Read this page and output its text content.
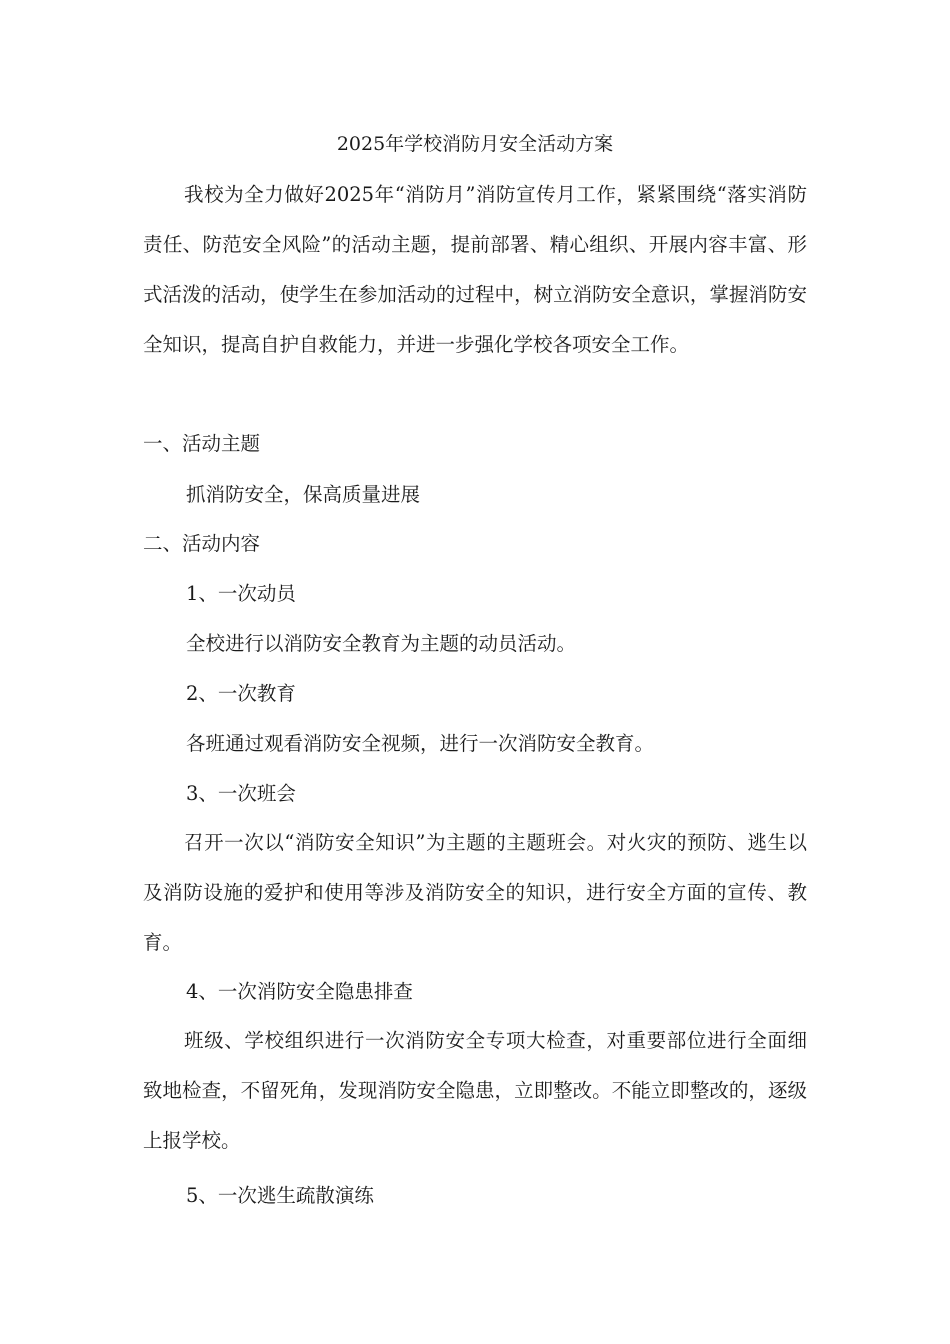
2025年学校消防月安全活动方案

我校为全力做好2025年“消防月”消防宣传月工作，紧紧围绕“落实消防责任、防范安全风险”的活动主题，提前部署、精心组织、开展内容丰富、形式活泼的活动，使学生在参加活动的过程中，树立消防安全意识，掌握消防安全知识，提高自护自救能力，并进一步强化学校各项安全工作。

一、活动主题

抓消防安全，保高质量进展

二、活动内容

1、一次动员

全校进行以消防安全教育为主题的动员活动。

2、一次教育

各班通过观看消防安全视频，进行一次消防安全教育。

3、一次班会

召开一次以“消防安全知识”为主题的主题班会。对火灾的预防、逃生以及消防设施的爱护和使用等涉及消防安全的知识，进行安全方面的宣传、教育。

4、一次消防安全隐患排查

班级、学校组织进行一次消防安全专项大检查，对重要部位进行全面细致地检查，不留死角，发现消防安全隐患，立即整改。不能立即整改的，逐级上报学校。

5、一次逃生疏散演练
